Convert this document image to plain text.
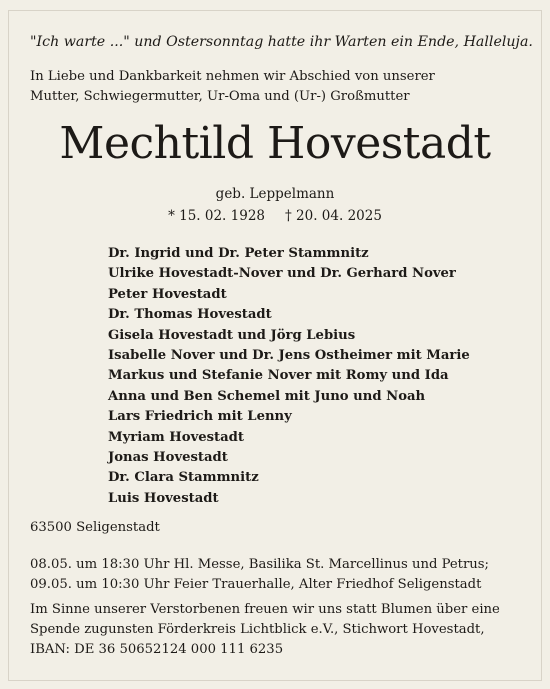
"Ich warte ..." und Ostersonntag hatte ihr Warten ein Ende, Halleluja.
In Liebe und Dankbarkeit nehmen wir Abschied von unserer
Mutter, Schwiegermutter, Ur-Oma und (Ur-) Großmutter
Mechtild Hovestadt
geb. Leppelmann
* 15. 02. 1928 † 20. 04. 2025
Dr. Ingrid und Dr. Peter Stammnitz
Ulrike Hovestadt-Nover und Dr. Gerhard Nover
Peter Hovestadt
Dr. Thomas Hovestadt
Gisela Hovestadt und Jörg Lebius
Isabelle Nover und Dr. Jens Ostheimer mit Marie
Markus und Stefanie Nover mit Romy und Ida
Anna und Ben Schemel mit Juno und Noah
Lars Friedrich mit Lenny
Myriam Hovestadt
Jonas Hovestadt
Dr. Clara Stammnitz
Luis Hovestadt
63500 Seligenstadt
08.05. um 18:30 Uhr Hl. Messe, Basilika St. Marcellinus und Petrus;
09.05. um 10:30 Uhr Feier Trauerhalle, Alter Friedhof Seligenstadt
Im Sinne unserer Verstorbenen freuen wir uns statt Blumen über eine
Spende zugunsten Förderkreis Lichtblick e.V., Stichwort Hovestadt,
IBAN: DE 36 50652124 000 111 6235
